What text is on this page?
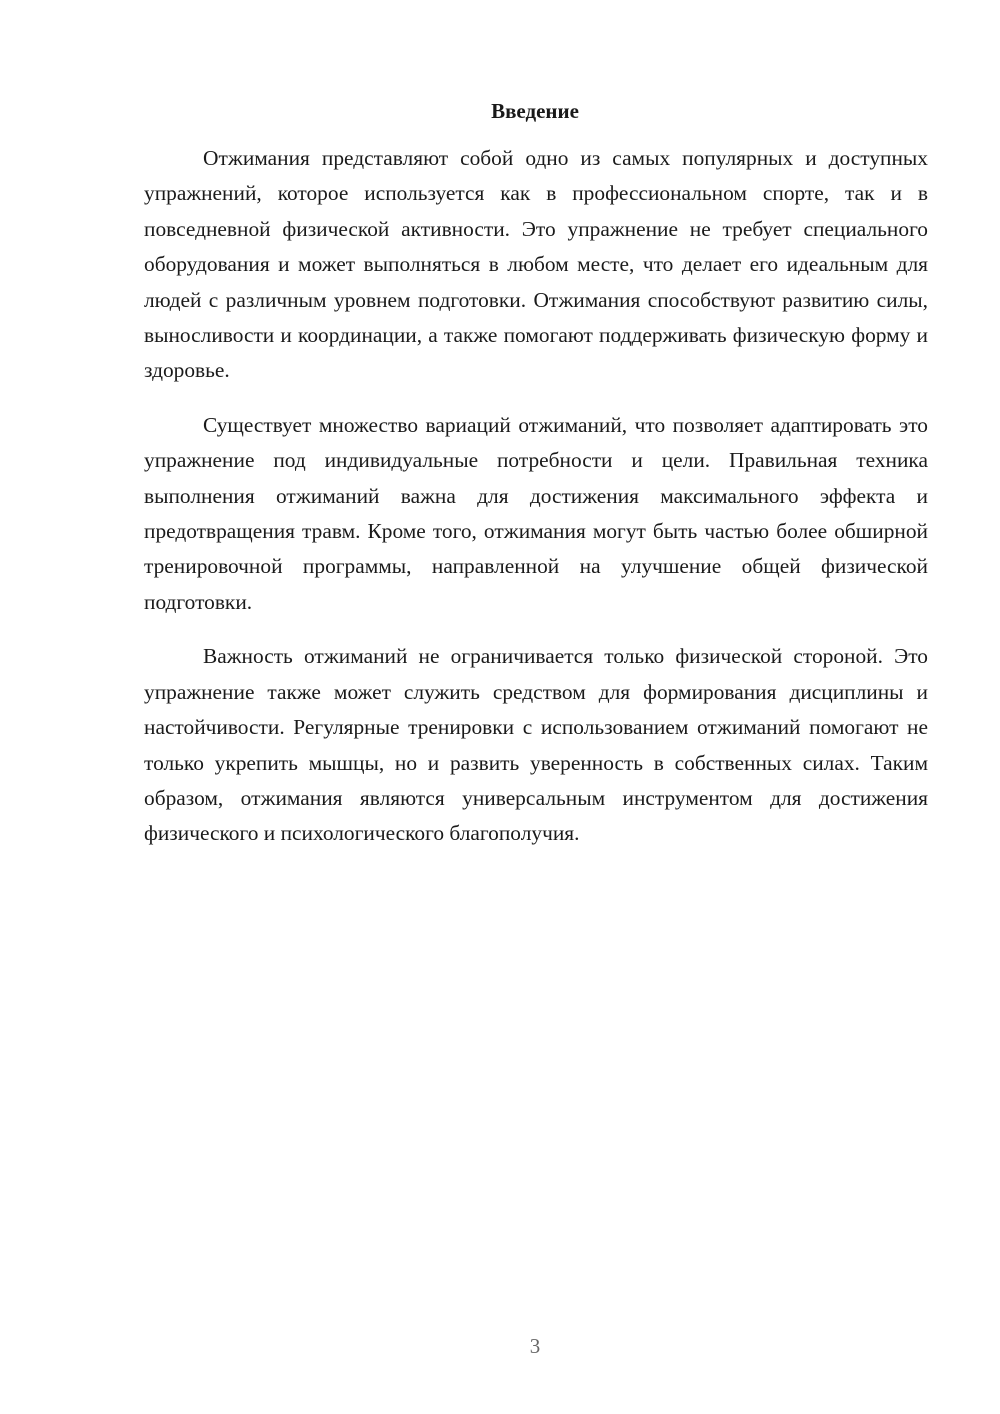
Введение

Отжимания представляют собой одно из самых популярных и доступных упражнений, которое используется как в профессиональном спорте, так и в повседневной физической активности. Это упражнение не требует специального оборудования и может выполняться в любом месте, что делает его идеальным для людей с различным уровнем подготовки. Отжимания способствуют развитию силы, выносливости и координации, а также помогают поддерживать физическую форму и здоровье.

Существует множество вариаций отжиманий, что позволяет адаптировать это упражнение под индивидуальные потребности и цели. Правильная техника выполнения отжиманий важна для достижения максимального эффекта и предотвращения травм. Кроме того, отжимания могут быть частью более обширной тренировочной программы, направленной на улучшение общей физической подготовки.

Важность отжиманий не ограничивается только физической стороной. Это упражнение также может служить средством для формирования дисциплины и настойчивости. Регулярные тренировки с использованием отжиманий помогают не только укрепить мышцы, но и развить уверенность в собственных силах. Таким образом, отжимания являются универсальным инструментом для достижения физического и психологического благополучия.

3
